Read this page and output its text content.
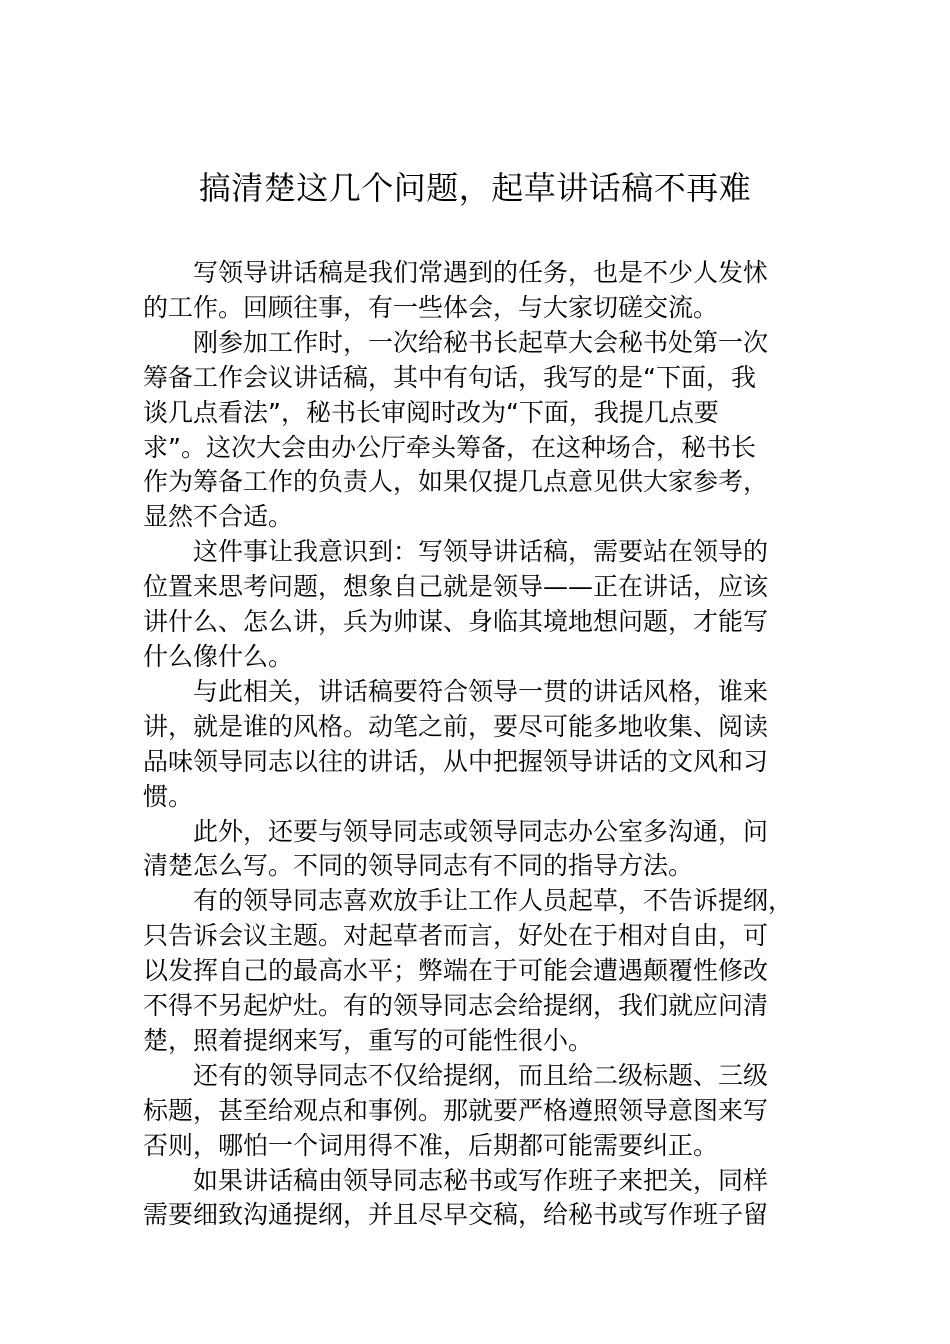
搞清楚这几个问题，起草讲话稿不再难
写领导讲话稿是我们常遇到的任务，也是不少人发怵
的工作。回顾往事，有一些体会，与大家切磋交流。
刚参加工作时，一次给秘书长起草大会秘书处第一次
筹备工作会议讲话稿，其中有句话，我写的是“下面，我
谈几点看法”，秘书长审阅时改为“下面，我提几点要
求”。这次大会由办公厅牵头筹备，在这种场合，秘书长
作为筹备工作的负责人，如果仅提几点意见供大家参考，
显然不合适。
这件事让我意识到：写领导讲话稿，需要站在领导的
位置来思考问题，想象自己就是领导——正在讲话，应该
讲什么、怎么讲，兵为帅谋、身临其境地想问题，才能写
什么像什么。
与此相关，讲话稿要符合领导一贯的讲话风格，谁来
讲，就是谁的风格。动笔之前，要尽可能多地收集、阅读
品味领导同志以往的讲话，从中把握领导讲话的文风和习
惯。
此外，还要与领导同志或领导同志办公室多沟通，问
清楚怎么写。不同的领导同志有不同的指导方法。
有的领导同志喜欢放手让工作人员起草，不告诉提纲，
只告诉会议主题。对起草者而言，好处在于相对自由，可
以发挥自己的最高水平；弊端在于可能会遭遇颠覆性修改
不得不另起炉灶。有的领导同志会给提纲，我们就应问清
楚，照着提纲来写，重写的可能性很小。
还有的领导同志不仅给提纲，而且给二级标题、三级
标题，甚至给观点和事例。那就要严格遵照领导意图来写
否则，哪怕一个词用得不准，后期都可能需要纠正。
如果讲话稿由领导同志秘书或写作班子来把关，同样
需要细致沟通提纲，并且尽早交稿，给秘书或写作班子留
